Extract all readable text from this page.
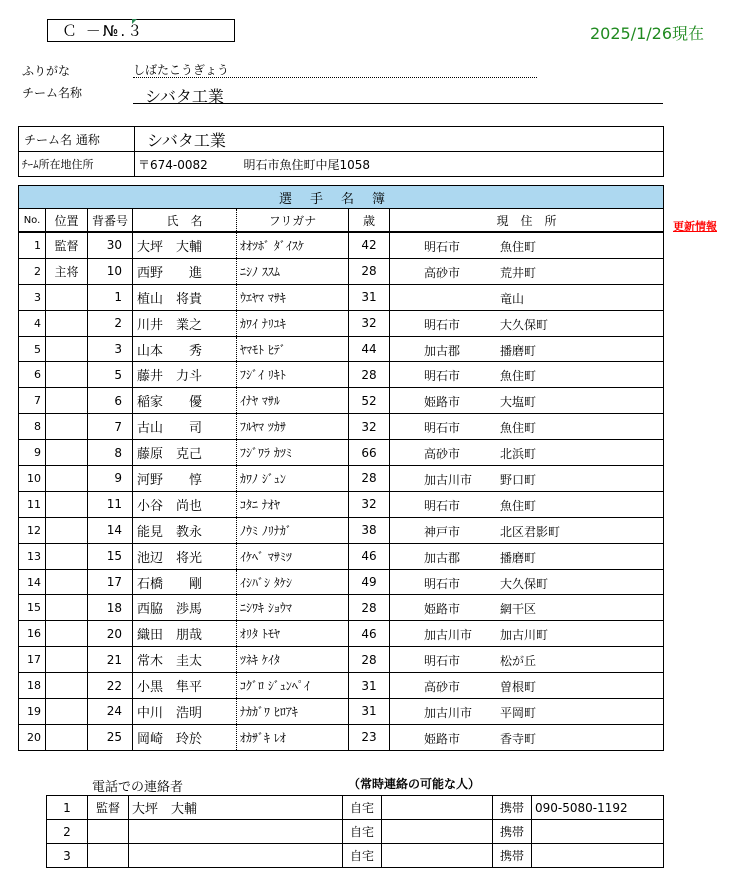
Ｃ －№.３	2025/1/26現在
ふりがな	しばたこうぎょう
チーム名称	シバタ工業
チーム名 通称	シバタ工業
ﾁｰﾑ所在地住所	〒674-0082 明石市魚住町中尾1058
選手名簿						
No.	位置	背番号	氏　名	フリガナ	歳	現　住　所
1	監督	30	大坪　大輔	ｵｵﾂﾎﾞ ﾀﾞｲｽｹ	42	明石市 魚住町

2	主将	10	西野　　進	ﾆｼﾉ ｽｽﾑ	28	高砂市 荒井町

3		1	植山　将貴	ｳｴﾔﾏ ﾏｻｷ	31	竜山

4		2	川井　業之	ｶﾜｲ ﾅﾘﾕｷ	32	明石市 大久保町

5		3	山本　　秀	ﾔﾏﾓﾄ ﾋﾃﾞ	44	加古郡 播磨町

6		5	藤井　力斗	ﾌｼﾞｲ ﾘｷﾄ	28	明石市 魚住町

7		6	稲家　　優	ｲﾅﾔ ﾏｻﾙ	52	姫路市 大塩町

8		7	古山　　司	ﾌﾙﾔﾏ ﾂｶｻ	32	明石市 魚住町

9		8	藤原　克己	ﾌｼﾞﾜﾗ ｶﾂﾐ	66	高砂市 北浜町

10		9	河野　　惇	ｶﾜﾉ ｼﾞｭﾝ	28	加古川市 野口町

11		11	小谷　尚也	ｺﾀﾆ ﾅｵﾔ	32	明石市 魚住町

12		14	能見　教永	ﾉｳﾐ ﾉﾘﾅｶﾞ	38	神戸市 北区君影町

13		15	池辺　将光	ｲｹﾍﾞ ﾏｻﾐﾂ	46	加古郡 播磨町

14		17	石橋　　剛	ｲｼﾊﾞｼ ﾀｹｼ	49	明石市 大久保町

15		18	西脇　渉馬	ﾆｼﾜｷ ｼｮｳﾏ	28	姫路市 網干区

16		20	織田　朋哉	ｵﾘﾀ ﾄﾓﾔ	46	加古川市 加古川町

17		21	常木　圭太	ﾂﾈｷ ｹｲﾀ	28	明石市 松が丘

18		22	小黒　隼平	ｺｸﾞﾛ ｼﾞｭﾝﾍﾟｲ	31	高砂市 曽根町

19		24	中川　浩明	ﾅｶｶﾞﾜ ﾋﾛｱｷ	31	加古川市 平岡町

20		25	岡崎　玲於	ｵｶｻﾞｷ ﾚｵ	23	姫路市 香寺町
更新情報
電話での連絡者	（常時連絡の可能な人）
1	監督	大坪　大輔	自宅		携帯	090-5080-1192
2			自宅		携帯	
3			自宅		携帯	
